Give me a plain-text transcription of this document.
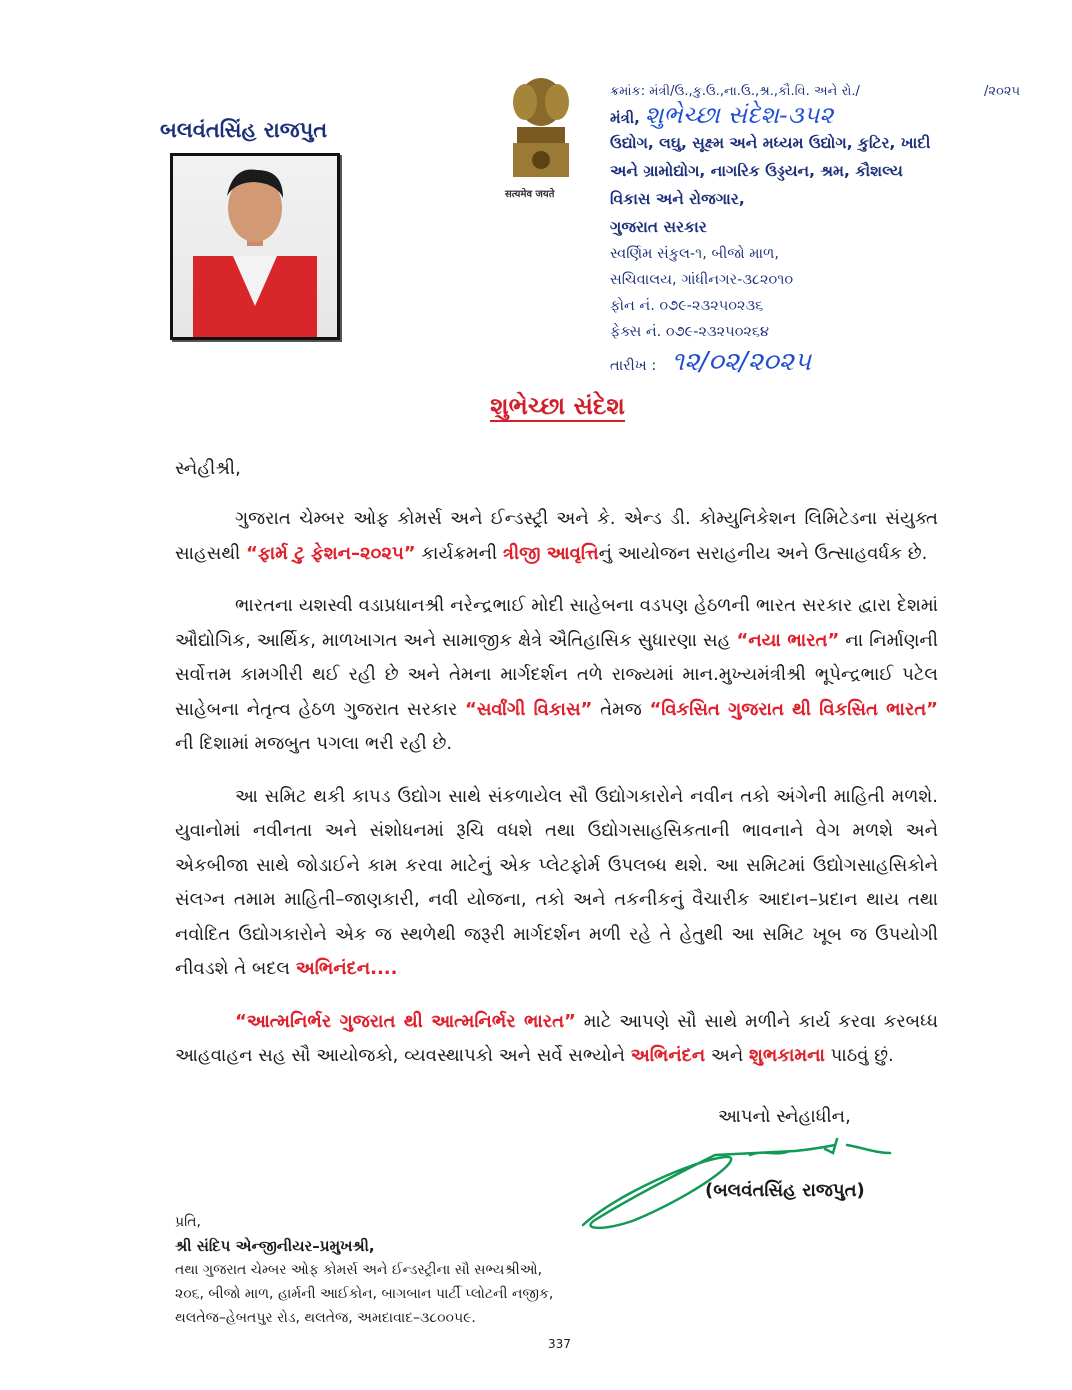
બલવંતસિંહ રાજપુત
सत्यमेव जयते
ક્રમાંક: મંત્રી/ઉ.,કુ.ઉ.,ના.ઉ.,શ્ર.,કૌ.વિ. અને રો./	/૨૦૨૫
મંત્રી, શુભેચ્છા સંદેશ-૩૫૨
ઉદ્યોગ, લઘુ, સૂક્ષ્મ અને મધ્યમ ઉદ્યોગ, કુટિર, ખાદી
અને ગ્રામોદ્યોગ, નાગરિક ઉડ્ડયન, શ્રમ, કૌશલ્ય
વિકાસ અને રોજગાર,
ગુજરાત સરકાર
સ્વર્ણિમ સંકુલ-૧, બીજો માળ,
સચિવાલય, ગાંધીનગર-૩૮૨૦૧૦
ફોન નં. ૦૭૯-૨૩૨૫૦૨૩૬
ફેક્સ નં. ૦૭૯-૨૩૨૫૦૨૬૪
તારીખ : ૧૨/૦૨/૨૦૨૫
શુભેચ્છા સંદેશ
સ્નેહીશ્રી,

ગુજરાત ચેમ્બર ઓફ કોમર્સ અને ઈન્ડસ્ટ્રી અને કે. એન્ડ ડી. કોમ્યુનિકેશન લિમિટેડના સંયુક્ત સાહસથી “ફાર્મ ટુ ફેશન–૨૦૨૫” કાર્યક્રમની ત્રીજી આવૃત્તિનું આયોજન સરાહનીય અને ઉત્સાહવર્ધક છે.

ભારતના યશસ્વી વડાપ્રધાનશ્રી નરેન્દ્રભાઈ મોદી સાહેબના વડપણ હેઠળની ભારત સરકાર દ્વારા દેશમાં ઔદ્યોગિક, આર્થિક, માળખાગત અને સામાજીક ક્ષેત્રે ઐતિહાસિક સુધારણા સહ “નયા ભારત” ના નિર્માણની સર્વોત્તમ કામગીરી થઈ રહી છે અને તેમના માર્ગદર્શન તળે રાજ્યમાં માન.મુખ્યમંત્રીશ્રી ભૂપેન્દ્રભાઈ પટેલ સાહેબના નેતૃત્વ હેઠળ ગુજરાત સરકાર “સર્વાંગી વિકાસ” તેમજ “વિકસિત ગુજરાત થી વિકસિત ભારત” ની દિશામાં મજબુત પગલા ભરી રહી છે.

આ સમિટ થકી કાપડ ઉદ્યોગ સાથે સંકળાયેલ સૌ ઉદ્યોગકારોને નવીન તકો અંગેની માહિતી મળશે. યુવાનોમાં નવીનતા અને સંશોધનમાં રૂચિ વધશે તથા ઉદ્યોગસાહસિકતાની ભાવનાને વેગ મળશે અને એકબીજા સાથે જોડાઈને કામ કરવા માટેનું એક પ્લેટફોર્મ ઉપલબ્ધ થશે. આ સમિટમાં ઉદ્યોગસાહસિકોને સંલગ્ન તમામ માહિતી–જાણકારી, નવી યોજના, તકો અને તકનીકનું વૈચારીક આદાન–પ્રદાન થાય તથા નવોદિત ઉદ્યોગકારોને એક જ સ્થળેથી જરૂરી માર્ગદર્શન મળી રહે તે હેતુથી આ સમિટ ખૂબ જ ઉપયોગી નીવડશે તે બદલ અભિનંદન....

“આત્મનિર્ભર ગુજરાત થી આત્મનિર્ભર ભારત” માટે આપણે સૌ સાથે મળીને કાર્ય કરવા કરબધ્ધ આહવાહન સહ સૌ આયોજકો, વ્યવસ્થાપકો અને સર્વે સભ્યોને અભિનંદન અને શુભકામના પાઠવું છું.

આપનો સ્નેહાધીન,
(બલવંતસિંહ રાજપુત)
પ્રતિ,
શ્રી સંદિપ એન્જીનીયર–પ્રમુખશ્રી,
તથા ગુજરાત ચેમ્બર ઓફ કોમર્સ અને ઈન્ડસ્ટ્રીના સૌ સભ્યશ્રીઓ,
૨૦૬, બીજો માળ, હાર્મની આઈકોન, બાગબાન પાર્ટી પ્લોટની નજીક,
થલતેજ–હેબતપુર રોડ, થલતેજ, અમદાવાદ–૩૮૦૦૫૯.
337
